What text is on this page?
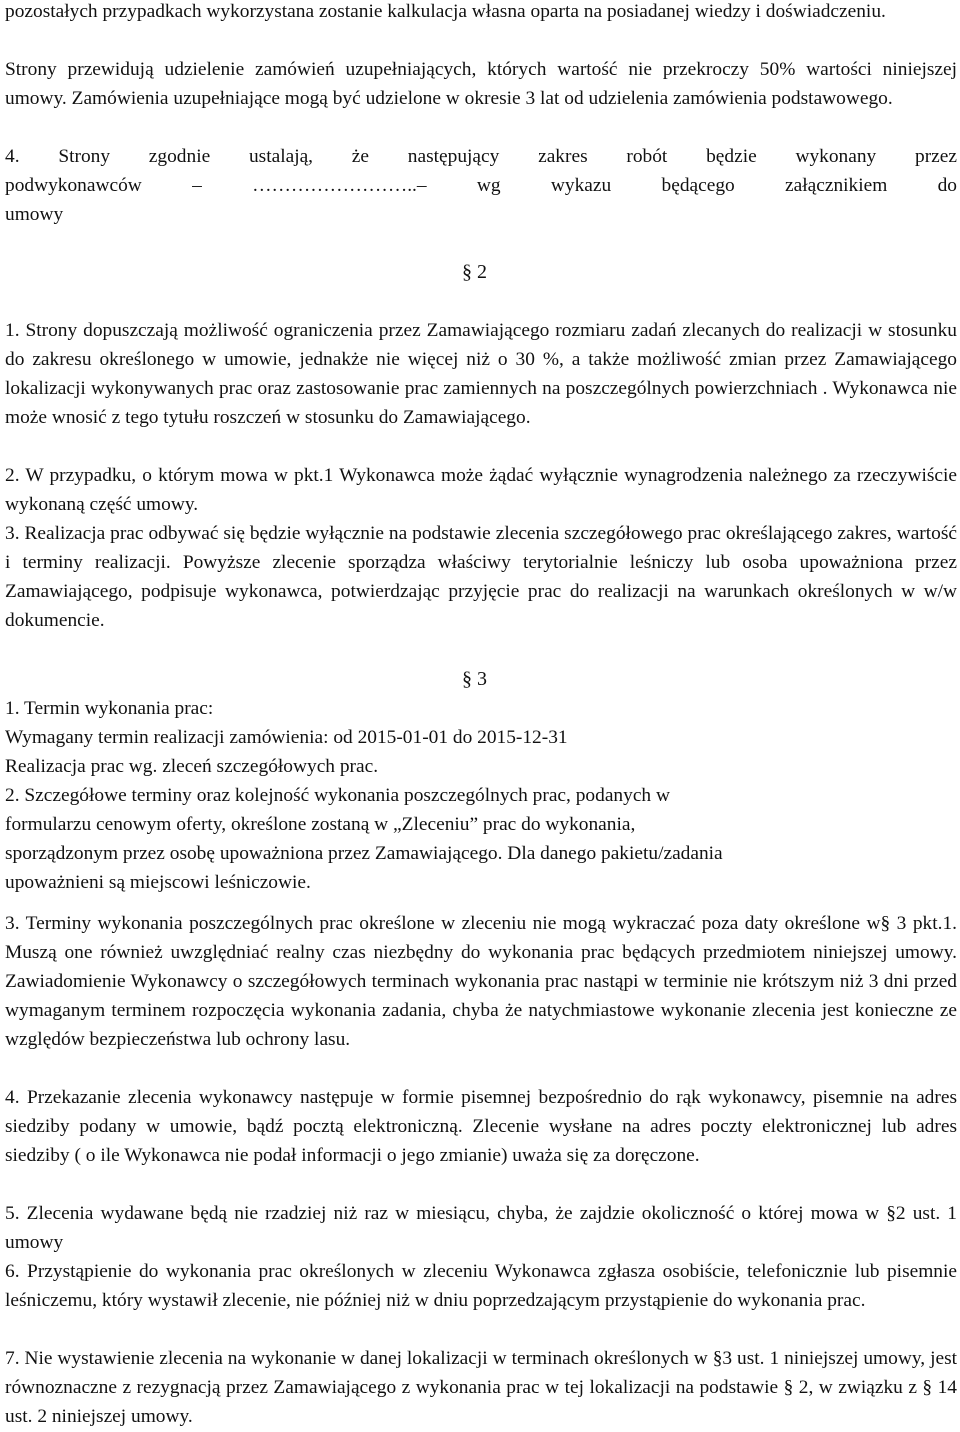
pozostałych przypadkach wykorzystana zostanie kalkulacja własna oparta na posiadanej wiedzy i doświadczeniu.

Strony przewidują udzielenie zamówień uzupełniających, których wartość nie przekroczy 50% wartości niniejszej umowy. Zamówienia uzupełniające mogą być udzielone w okresie 3 lat od udzielenia zamówienia podstawowego.

4. Strony zgodnie ustalają, że następujący zakres robót będzie wykonany przez

podwykonawców – ……………………..– wg wykazu będącego załącznikiem do

umowy

§ 2

1. Strony dopuszczają możliwość ograniczenia przez Zamawiającego rozmiaru zadań zlecanych do realizacji w stosunku do zakresu określonego w umowie, jednakże nie więcej niż o 30 %, a także możliwość zmian przez Zamawiającego lokalizacji wykonywanych prac oraz zastosowanie prac zamiennych na poszczególnych powierzchniach . Wykonawca nie może wnosić z tego tytułu roszczeń w stosunku do Zamawiającego.

2. W przypadku, o którym mowa w pkt.1 Wykonawca może żądać wyłącznie wynagrodzenia należnego za rzeczywiście wykonaną część umowy.

3. Realizacja prac odbywać się będzie wyłącznie na podstawie zlecenia szczegółowego prac określającego zakres, wartość i terminy realizacji. Powyższe zlecenie sporządza właściwy terytorialnie leśniczy lub osoba upoważniona przez Zamawiającego, podpisuje wykonawca, potwierdzając przyjęcie prac do realizacji na warunkach określonych w w/w dokumencie.

§ 3

1. Termin wykonania prac:

Wymagany termin realizacji zamówienia: od 2015-01-01 do 2015-12-31

Realizacja prac wg. zleceń szczegółowych prac.

2. Szczegółowe terminy oraz kolejność wykonania poszczególnych prac, podanych w

formularzu cenowym oferty, określone zostaną w „Zleceniu” prac do wykonania,

sporządzonym przez osobę upoważniona przez Zamawiającego. Dla danego pakietu/zadania

upoważnieni są miejscowi leśniczowie.

3. Terminy wykonania poszczególnych prac określone w zleceniu nie mogą wykraczać poza daty określone w§ 3 pkt.1. Muszą one również uwzględniać realny czas niezbędny do wykonania prac będących przedmiotem niniejszej umowy. Zawiadomienie Wykonawcy o szczegółowych terminach wykonania prac nastąpi w terminie nie krótszym niż 3 dni przed wymaganym terminem rozpoczęcia wykonania zadania, chyba że natychmiastowe wykonanie zlecenia jest konieczne ze względów bezpieczeństwa lub ochrony lasu.

4. Przekazanie zlecenia wykonawcy następuje w formie pisemnej bezpośrednio do rąk wykonawcy, pisemnie na adres siedziby podany w umowie, bądź pocztą elektroniczną. Zlecenie wysłane na adres poczty elektronicznej lub adres siedziby ( o ile Wykonawca nie podał informacji o jego zmianie) uważa się za doręczone.

5. Zlecenia wydawane będą nie rzadziej niż raz w miesiącu, chyba, że zajdzie okoliczność o której mowa w §2 ust. 1 umowy

6. Przystąpienie do wykonania prac określonych w zleceniu Wykonawca zgłasza osobiście, telefonicznie lub pisemnie leśniczemu, który wystawił zlecenie, nie później niż w dniu poprzedzającym przystąpienie do wykonania prac.

7. Nie wystawienie zlecenia na wykonanie w danej lokalizacji w terminach określonych w §3 ust. 1 niniejszej umowy, jest równoznaczne z rezygnacją przez Zamawiającego z wykonania prac w tej lokalizacji na podstawie § 2, w związku z § 14 ust. 2 niniejszej umowy.
